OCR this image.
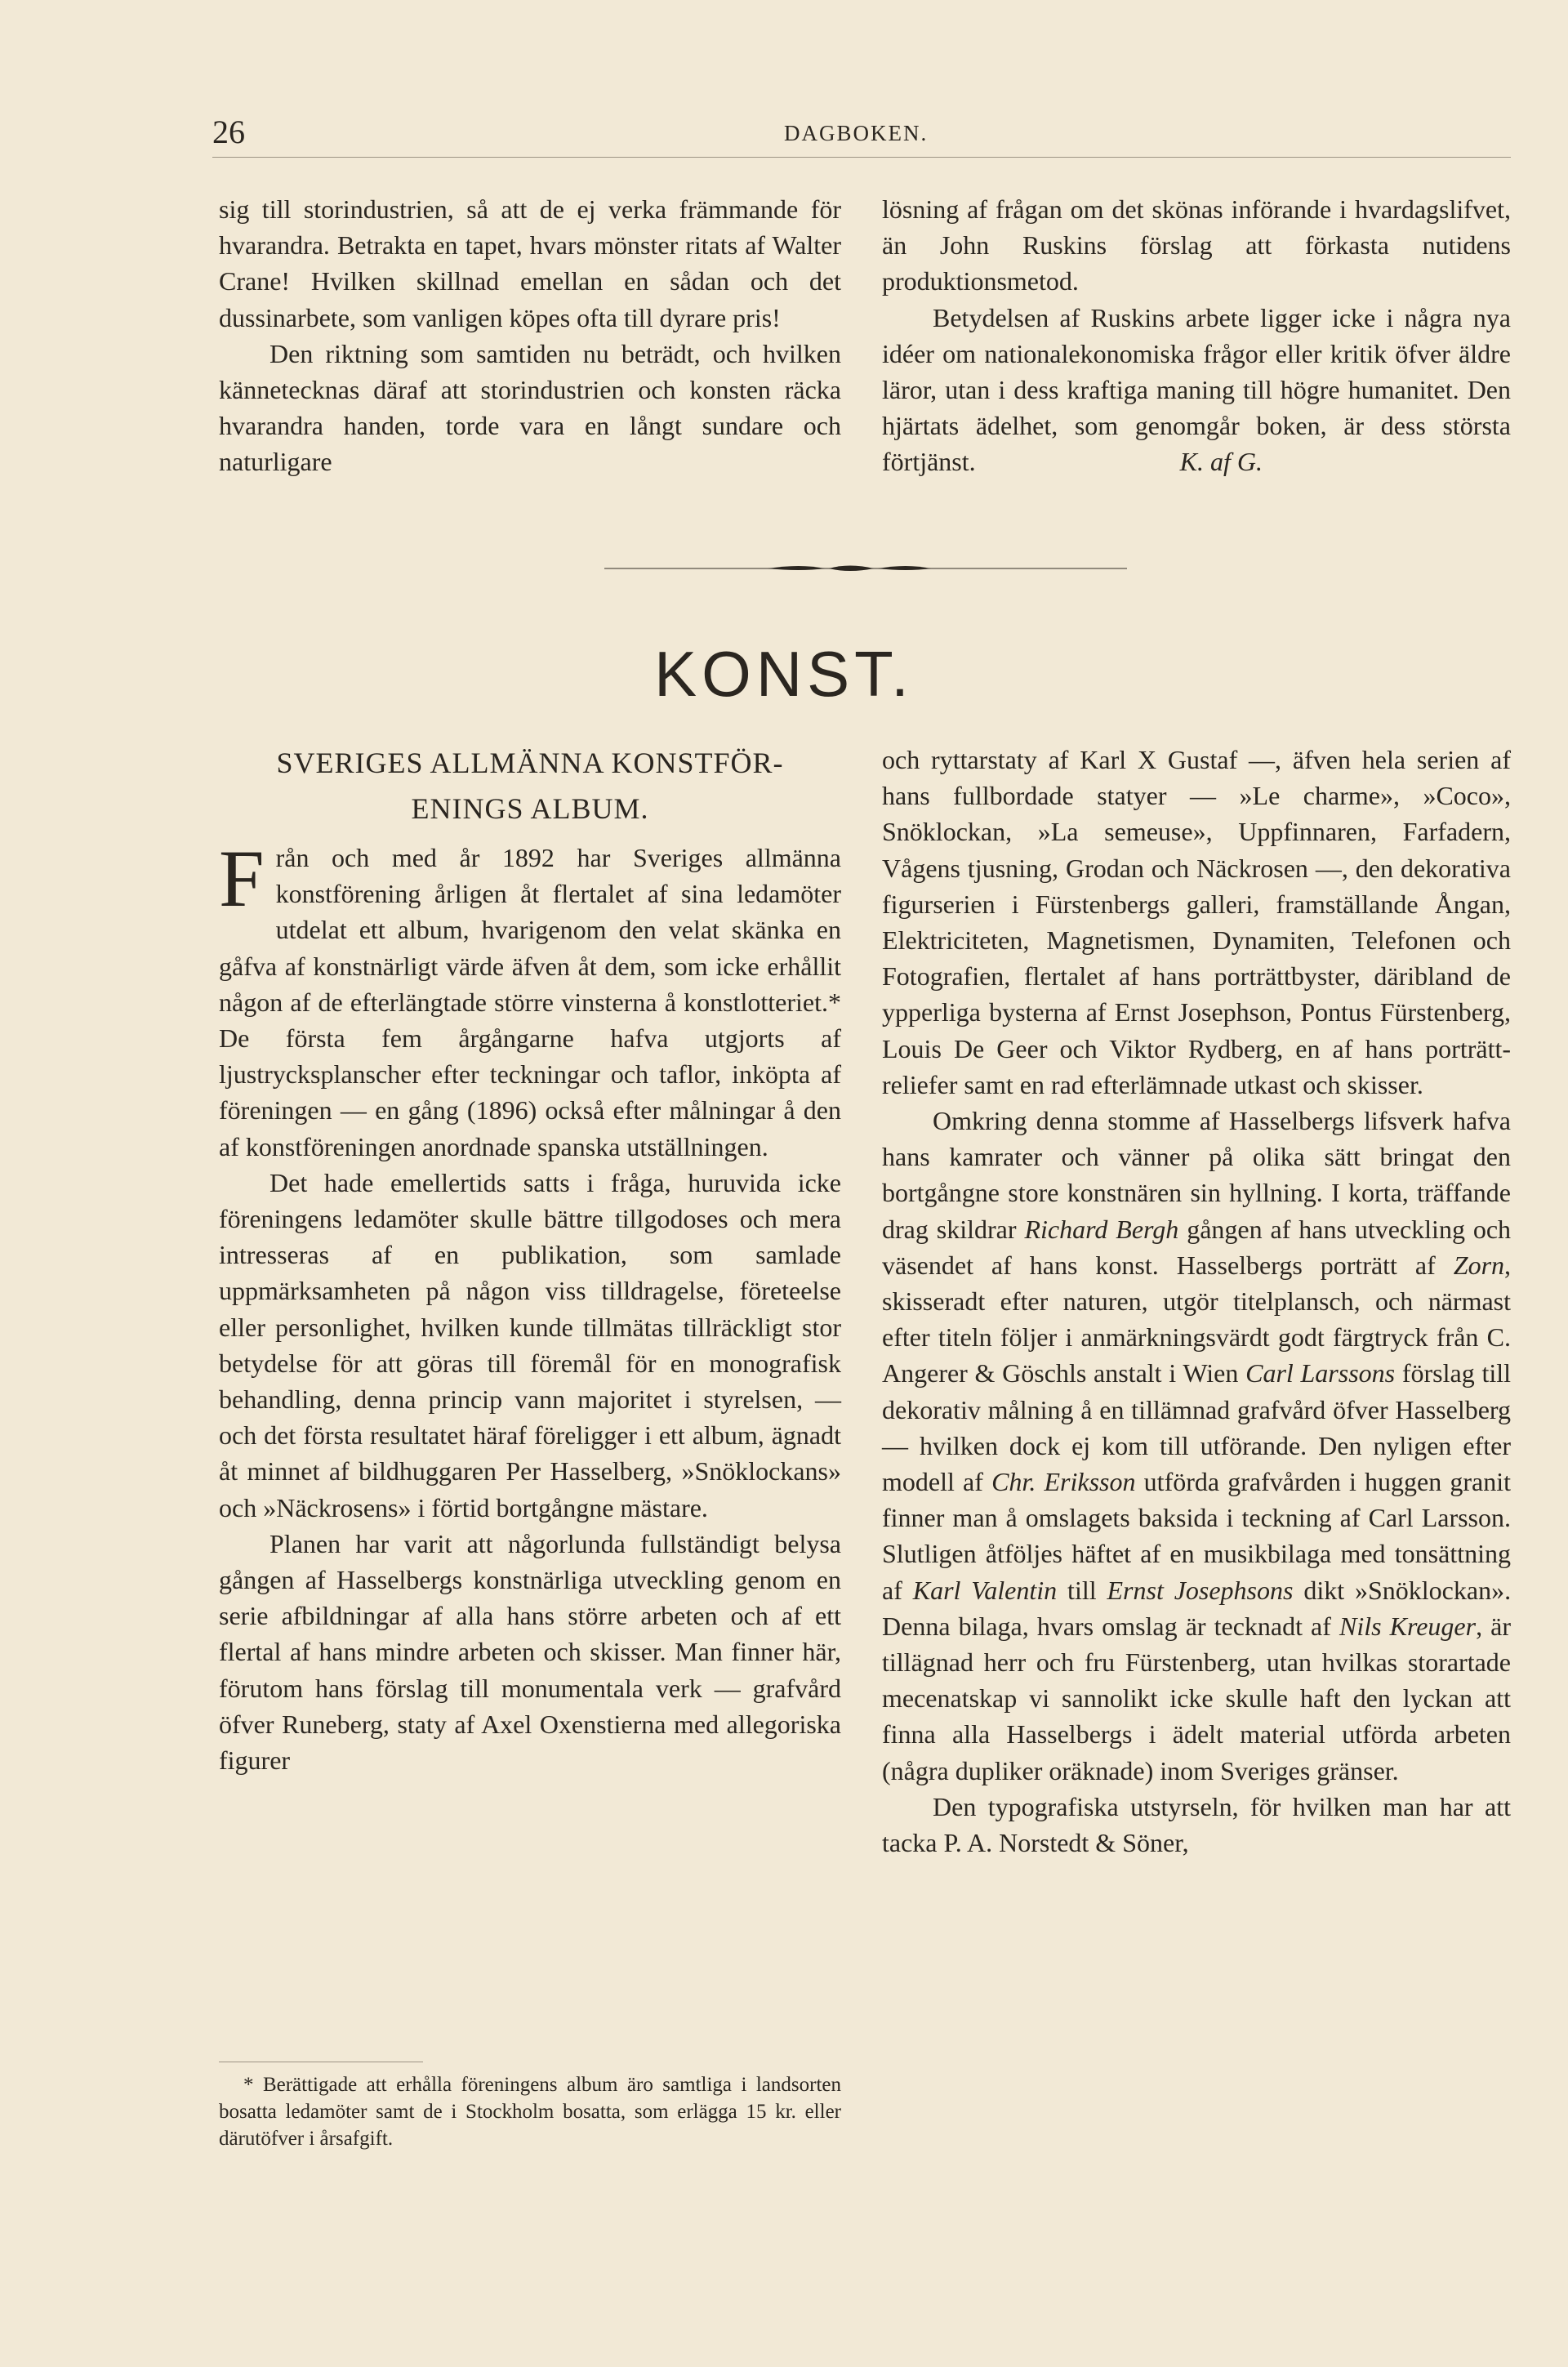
26	DAGBOKEN.

sig till storindustrien, så att de ej verka främmande för hvarandra. Betrakta en tapet, hvars mönster ritats af Walter Crane! Hvilken skillnad emellan en sådan och det dussinarbete, som vanligen köpes ofta till dyrare pris!

Den riktning som samtiden nu beträdt, och hvilken kännetecknas däraf att storindustrien och konsten räcka hvarandra handen, torde vara en långt sundare och naturligare

lösning af frågan om det skönas införande i hvardagslifvet, än John Ruskins förslag att förkasta nutidens produktionsmetod.

Betydelsen af Ruskins arbete ligger icke i några nya idéer om nationalekonomiska frågor eller kritik öfver äldre läror, utan i dess kraftiga maning till högre humanitet. Den hjärtats ädelhet, som genomgår boken, är dess största förtjänst.	K. af G.

KONST.
SVERIGES ALLMÄNNA KONSTFÖR-
ENINGS ALBUM.

Från och med år 1892 har Sveriges allmänna konstförening årligen åt flertalet af sina ledamöter utdelat ett album, hvarigenom den velat skänka en gåfva af konstnärligt värde äfven åt dem, som icke erhållit någon af de efterlängtade större vinsterna å konstlotteriet.* De första fem årgångarne hafva utgjorts af ljustrycksplanscher efter teckningar och taflor, inköpta af föreningen — en gång (1896) också efter målningar å den af konstföreningen anordnade spanska utställningen.

Det hade emellertids satts i fråga, huruvida icke föreningens ledamöter skulle bättre tillgodoses och mera intresseras af en publikation, som samlade uppmärksamheten på någon viss tilldragelse, företeelse eller personlighet, hvilken kunde tillmätas tillräckligt stor betydelse för att göras till föremål för en monografisk behandling, denna princip vann majoritet i styrelsen, — och det första resultatet häraf föreligger i ett album, ägnadt åt minnet af bildhuggaren Per Hasselberg, »Snöklockans» och »Näckrosens» i förtid bortgångne mästare.

Planen har varit att någorlunda fullständigt belysa gången af Hasselbergs konstnärliga utveckling genom en serie afbildningar af alla hans större arbeten och af ett flertal af hans mindre arbeten och skisser. Man finner här, förutom hans förslag till monumentala verk — grafvård öfver Runeberg, staty af Axel Oxenstierna med allegoriska figurer

* Berättigade att erhålla föreningens album äro samtliga i landsorten bosatta ledamöter samt de i Stockholm bosatta, som erlägga 15 kr. eller därutöfver i årsafgift.

och ryttarstaty af Karl X Gustaf —, äfven hela serien af hans fullbordade statyer — »Le charme», »Coco», Snöklockan, »La semeuse», Uppfinnaren, Farfadern, Vågens tjusning, Grodan och Näckrosen —, den dekorativa figurserien i Fürstenbergs galleri, framställande Ångan, Elektriciteten, Magnetismen, Dynamiten, Telefonen och Fotografien, flertalet af hans porträttbyster, däribland de ypperliga bysterna af Ernst Josephson, Pontus Fürstenberg, Louis De Geer och Viktor Rydberg, en af hans porträtt-reliefer samt en rad efterlämnade utkast och skisser.

Omkring denna stomme af Hasselbergs lifsverk hafva hans kamrater och vänner på olika sätt bringat den bortgångne store konstnären sin hyllning. I korta, träffande drag skildrar Richard Bergh gången af hans utveckling och väsendet af hans konst. Hasselbergs porträtt af Zorn, skisseradt efter naturen, utgör titelplansch, och närmast efter titeln följer i anmärkningsvärdt godt färgtryck från C. Angerer & Göschls anstalt i Wien Carl Larssons förslag till dekorativ målning å en tillämnad grafvård öfver Hasselberg — hvilken dock ej kom till utförande. Den nyligen efter modell af Chr. Eriksson utförda grafvården i huggen granit finner man å omslagets baksida i teckning af Carl Larsson. Slutligen åtföljes häftet af en musikbilaga med tonsättning af Karl Valentin till Ernst Josephsons dikt »Snöklockan». Denna bilaga, hvars omslag är tecknadt af Nils Kreuger, är tillägnad herr och fru Fürstenberg, utan hvilkas storartade mecenatskap vi sannolikt icke skulle haft den lyckan att finna alla Hasselbergs i ädelt material utförda arbeten (några dupliker oräknade) inom Sveriges gränser.

Den typografiska utstyrseln, för hvilken man har att tacka P. A. Norstedt & Söner,
